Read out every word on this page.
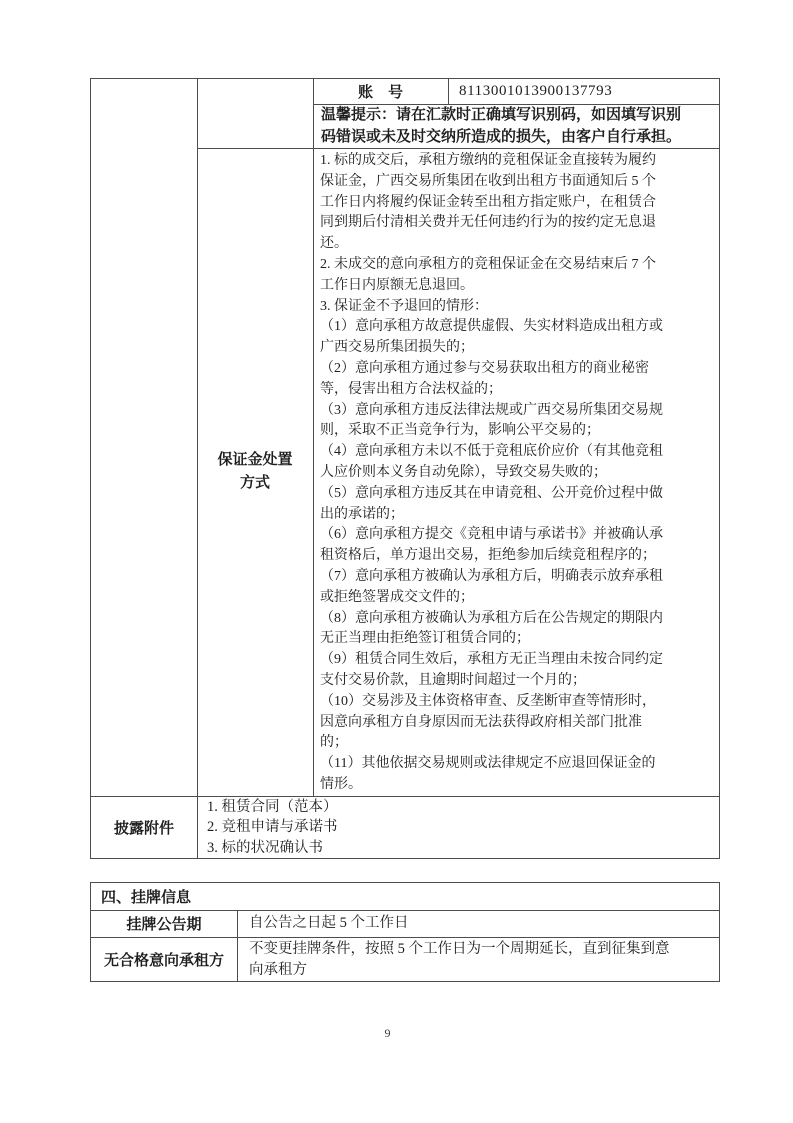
账　号	8113001013900137793
温馨提示：请在汇款时正确填写识别码，如因填写识别
码错误或未及时交纳所造成的损失，由客户自行承担。
保证金处置
方式
1. 标的成交后，承租方缴纳的竞租保证金直接转为履约
保证金，广西交易所集团在收到出租方书面通知后 5 个
工作日内将履约保证金转至出租方指定账户，在租赁合
同到期后付清相关费并无任何违约行为的按约定无息退
还。
2. 未成交的意向承租方的竞租保证金在交易结束后 7 个
工作日内原额无息退回。
3. 保证金不予退回的情形：
（1）意向承租方故意提供虚假、失实材料造成出租方或
广西交易所集团损失的；
（2）意向承租方通过参与交易获取出租方的商业秘密
等，侵害出租方合法权益的；
（3）意向承租方违反法律法规或广西交易所集团交易规
则，采取不正当竞争行为，影响公平交易的；
（4）意向承租方未以不低于竞租底价应价（有其他竞租
人应价则本义务自动免除），导致交易失败的；
（5）意向承租方违反其在申请竞租、公开竞价过程中做
出的承诺的；
（6）意向承租方提交《竞租申请与承诺书》并被确认承
租资格后，单方退出交易，拒绝参加后续竞租程序的；
（7）意向承租方被确认为承租方后，明确表示放弃承租
或拒绝签署成交文件的；
（8）意向承租方被确认为承租方后在公告规定的期限内
无正当理由拒绝签订租赁合同的；
（9）租赁合同生效后，承租方无正当理由未按合同约定
支付交易价款，且逾期时间超过一个月的；
（10）交易涉及主体资格审查、反垄断审查等情形时，
因意向承租方自身原因而无法获得政府相关部门批准
的；
（11）其他依据交易规则或法律规定不应退回保证金的
情形。
披露附件
1. 租赁合同（范本）
2. 竞租申请与承诺书
3. 标的状况确认书
四、挂牌信息
挂牌公告期	自公告之日起 5 个工作日
无合格意向承租方
不变更挂牌条件，按照 5 个工作日为一个周期延长，直到征集到意
向承租方
9
